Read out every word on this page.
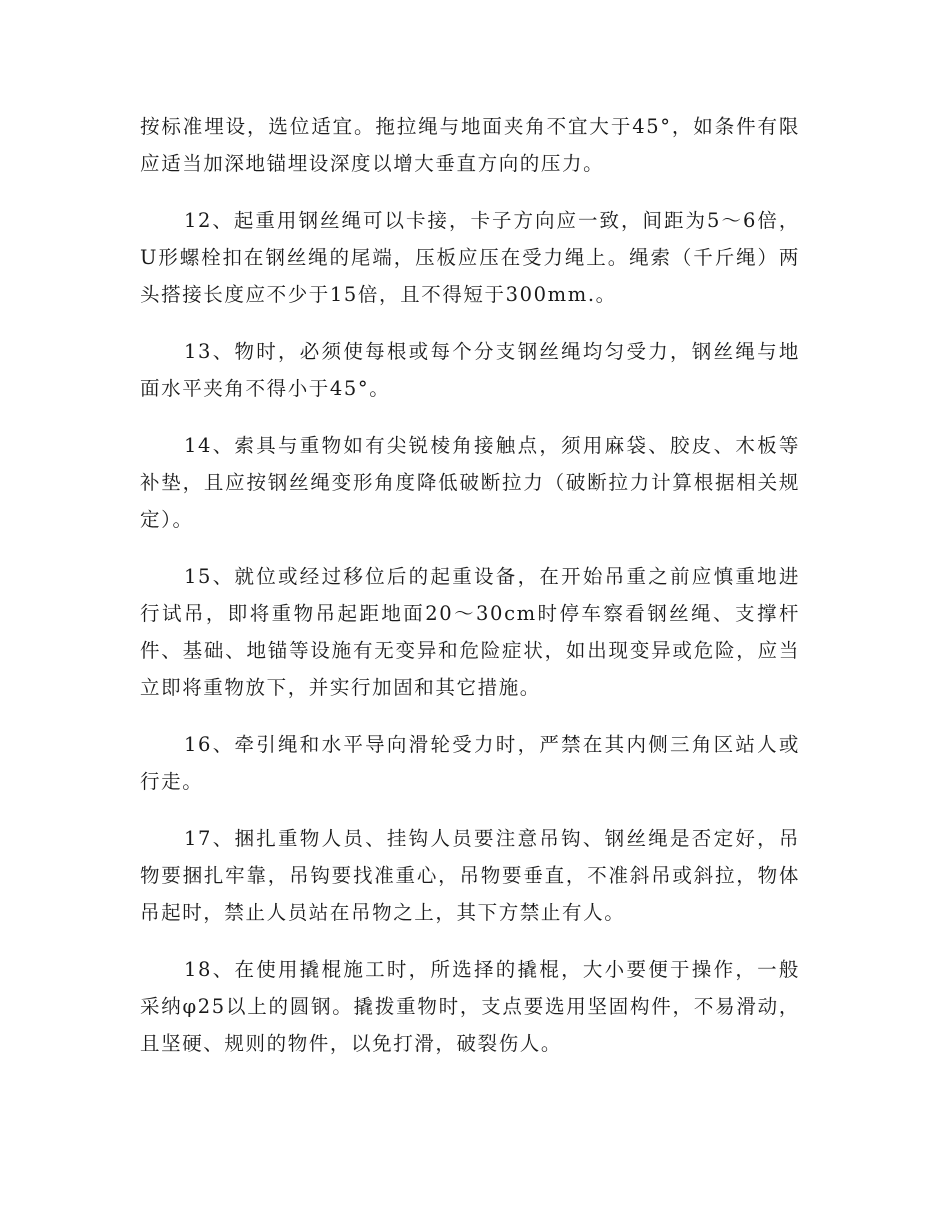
按标准埋设，选位适宜。拖拉绳与地面夹角不宜大于45°，如条件有限应适当加深地锚埋设深度以增大垂直方向的压力。

12、起重用钢丝绳可以卡接，卡子方向应一致，间距为5～6倍，U形螺栓扣在钢丝绳的尾端，压板应压在受力绳上。绳索（千斤绳）两头搭接长度应不少于15倍，且不得短于300mm.。

13、物时，必须使每根或每个分支钢丝绳均匀受力，钢丝绳与地面水平夹角不得小于45°。

14、索具与重物如有尖锐棱角接触点，须用麻袋、胶皮、木板等补垫，且应按钢丝绳变形角度降低破断拉力（破断拉力计算根据相关规定）。

15、就位或经过移位后的起重设备，在开始吊重之前应慎重地进行试吊，即将重物吊起距地面20～30cm时停车察看钢丝绳、支撑杆件、基础、地锚等设施有无变异和危险症状，如出现变异或危险，应当立即将重物放下，并实行加固和其它措施。

16、牵引绳和水平导向滑轮受力时，严禁在其内侧三角区站人或行走。

17、捆扎重物人员、挂钩人员要注意吊钩、钢丝绳是否定好，吊物要捆扎牢靠，吊钩要找准重心，吊物要垂直，不准斜吊或斜拉，物体吊起时，禁止人员站在吊物之上，其下方禁止有人。

18、在使用撬棍施工时，所选择的撬棍，大小要便于操作，一般采纳φ25以上的圆钢。撬拨重物时，支点要选用坚固构件，不易滑动，且坚硬、规则的物件，以免打滑，破裂伤人。
